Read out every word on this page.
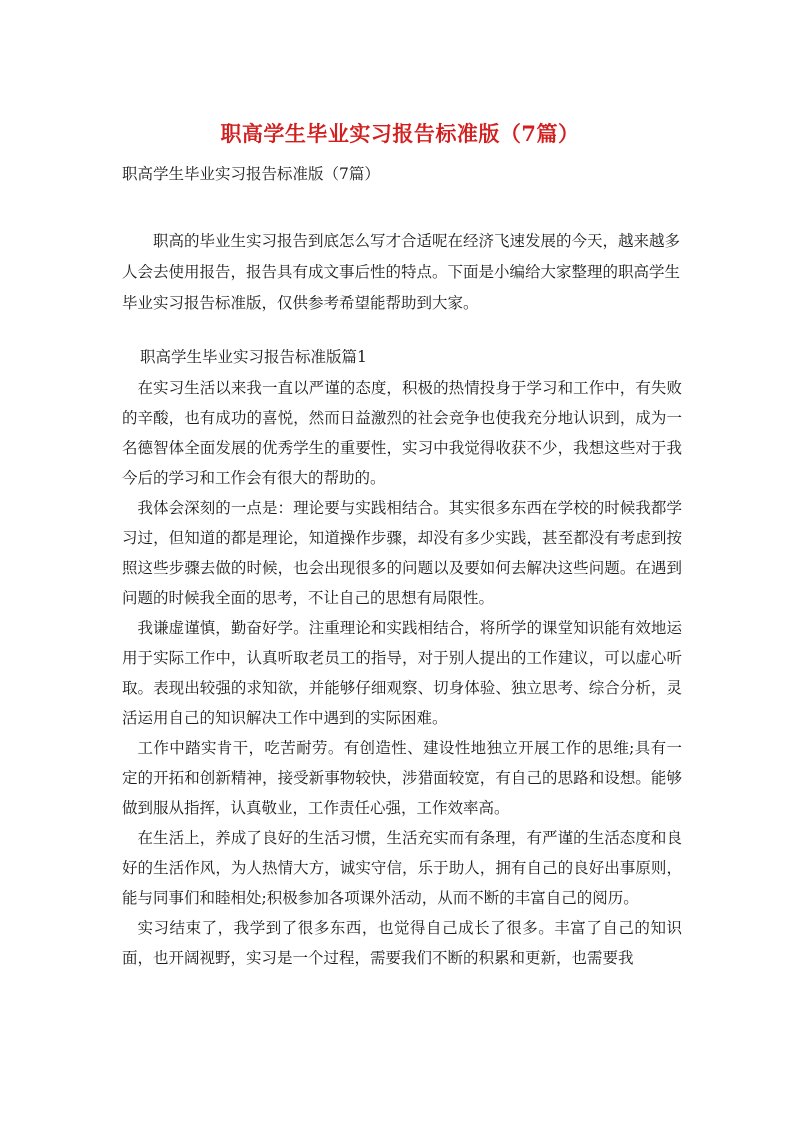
职高学生毕业实习报告标准版（7篇）
职高学生毕业实习报告标准版（7篇）

职高的毕业生实习报告到底怎么写才合适呢在经济飞速发展的今天，越来越多人会去使用报告，报告具有成文事后性的特点。下面是小编给大家整理的职高学生毕业实习报告标准版，仅供参考希望能帮助到大家。

职高学生毕业实习报告标准版篇1

在实习生活以来我一直以严谨的态度，积极的热情投身于学习和工作中，有失败的辛酸，也有成功的喜悦，然而日益激烈的社会竞争也使我充分地认识到，成为一名德智体全面发展的优秀学生的重要性，实习中我觉得收获不少，我想这些对于我今后的学习和工作会有很大的帮助的。

我体会深刻的一点是：理论要与实践相结合。其实很多东西在学校的时候我都学习过，但知道的都是理论，知道操作步骤，却没有多少实践，甚至都没有考虑到按照这些步骤去做的时候，也会出现很多的问题以及要如何去解决这些问题。在遇到问题的时候我全面的思考，不让自己的思想有局限性。

我谦虚谨慎，勤奋好学。注重理论和实践相结合，将所学的课堂知识能有效地运用于实际工作中，认真听取老员工的指导，对于别人提出的工作建议，可以虚心听取。表现出较强的求知欲，并能够仔细观察、切身体验、独立思考、综合分析，灵活运用自己的知识解决工作中遇到的实际困难。

工作中踏实肯干，吃苦耐劳。有创造性、建设性地独立开展工作的思维;具有一定的开拓和创新精神，接受新事物较快，涉猎面较宽，有自己的思路和设想。能够做到服从指挥，认真敬业，工作责任心强，工作效率高。

在生活上，养成了良好的生活习惯，生活充实而有条理，有严谨的生活态度和良好的生活作风，为人热情大方，诚实守信，乐于助人，拥有自己的良好出事原则，能与同事们和睦相处;积极参加各项课外活动，从而不断的丰富自己的阅历。

实习结束了，我学到了很多东西，也觉得自己成长了很多。丰富了自己的知识面，也开阔视野，实习是一个过程，需要我们不断的积累和更新，也需要我
